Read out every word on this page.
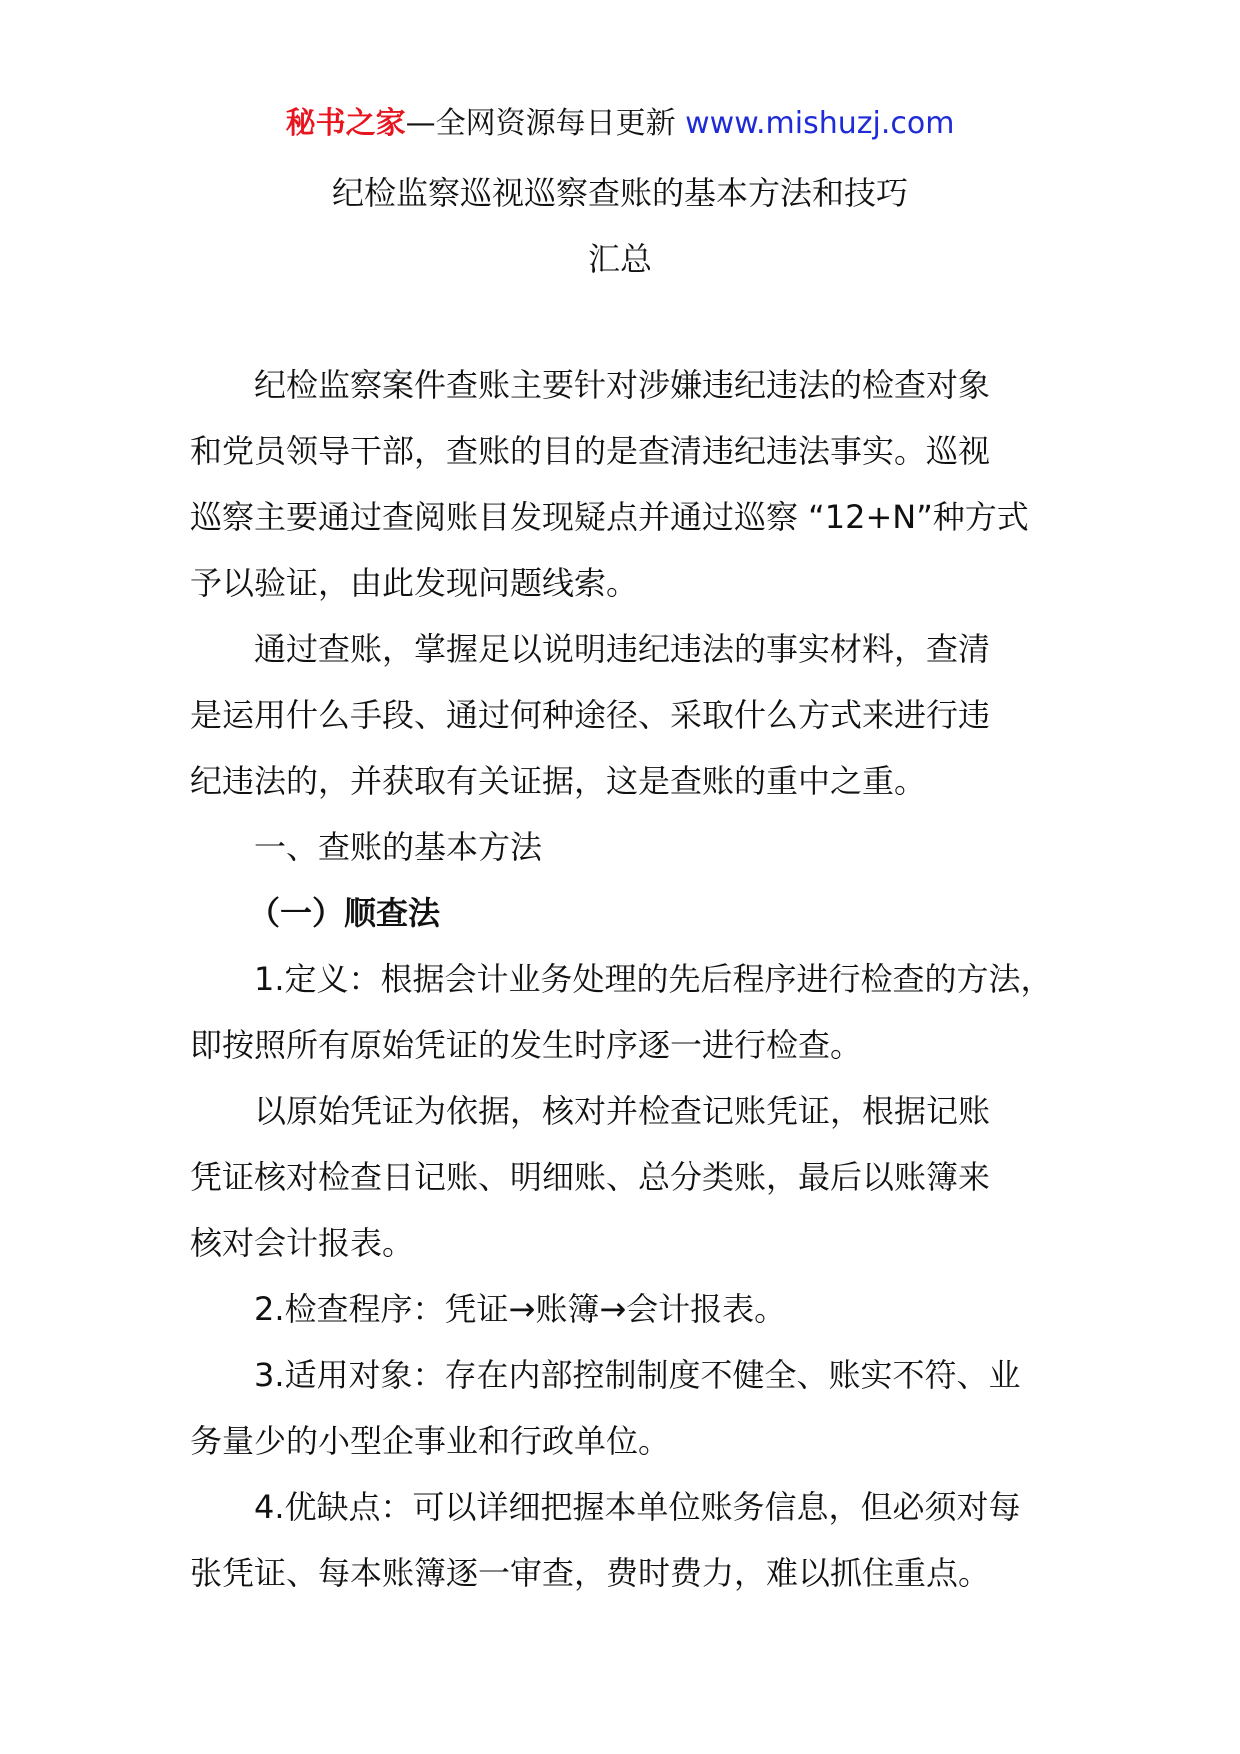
秘书之家—全网资源每日更新 www.mishuzj.com
纪检监察巡视巡察查账的基本方法和技巧
汇总
纪检监察案件查账主要针对涉嫌违纪违法的检查对象
和党员领导干部，查账的目的是查清违纪违法事实。巡视
巡察主要通过查阅账目发现疑点并通过巡察 “12+N”种方式
予以验证，由此发现问题线索。
通过查账，掌握足以说明违纪违法的事实材料，查清
是运用什么手段、通过何种途径、采取什么方式来进行违
纪违法的，并获取有关证据，这是查账的重中之重。
一、查账的基本方法
（一）顺查法
1.定义：根据会计业务处理的先后程序进行检查的方法，
即按照所有原始凭证的发生时序逐一进行检查。
以原始凭证为依据，核对并检查记账凭证，根据记账
凭证核对检查日记账、明细账、总分类账，最后以账簿来
核对会计报表。
2.检查程序：凭证→账簿→会计报表。
3.适用对象：存在内部控制制度不健全、账实不符、业
务量少的小型企事业和行政单位。
4.优缺点：可以详细把握本单位账务信息，但必须对每
张凭证、每本账簿逐一审查，费时费力，难以抓住重点。
